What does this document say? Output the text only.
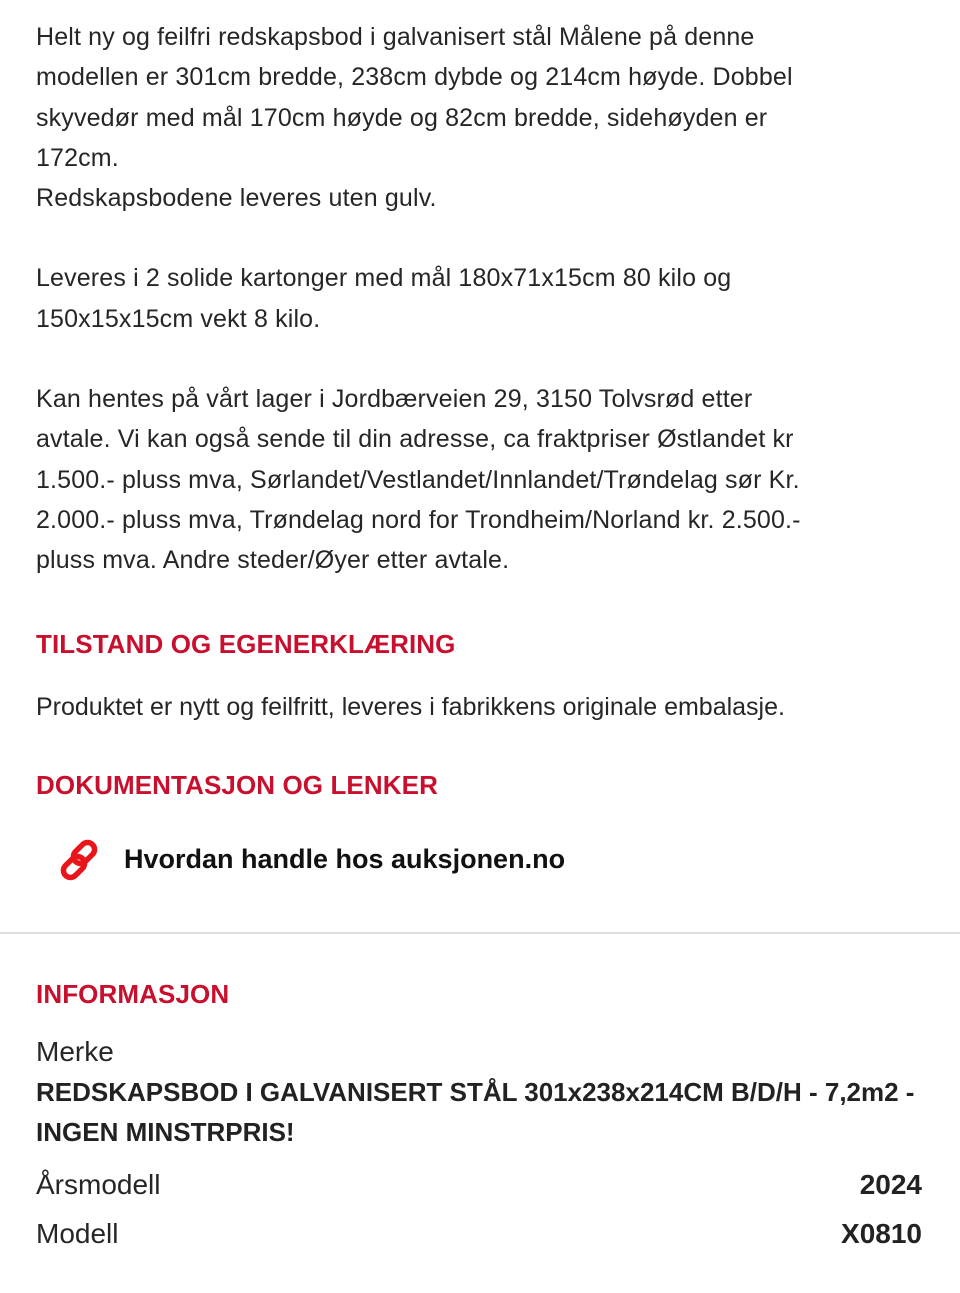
Helt ny og feilfri redskapsbod i galvanisert stål Målene på denne
modellen er 301cm bredde, 238cm dybde og 214cm høyde. Dobbel
skyvedør med mål 170cm høyde og 82cm bredde, sidehøyden er
172cm.
Redskapsbodene leveres uten gulv.

Leveres i 2 solide kartonger med mål 180x71x15cm 80 kilo og
150x15x15cm vekt 8 kilo.

Kan hentes på vårt lager i Jordbærveien 29, 3150 Tolvsrød etter
avtale. Vi kan også sende til din adresse, ca fraktpriser Østlandet kr
1.500.- pluss mva, Sørlandet/Vestlandet/Innlandet/Trøndelag sør Kr.
2.000.- pluss mva, Trøndelag nord for Trondheim/Norland kr. 2.500.-
pluss mva. Andre steder/Øyer etter avtale.

TILSTAND OG EGENERKLÆRING
Produktet er nytt og feilfritt, leveres i fabrikkens originale embalasje.
DOKUMENTASJON OG LENKER
Hvordan handle hos auksjonen.no
INFORMASJON
Merke
REDSKAPSBOD I GALVANISERT STÅL 301x238x214CM B/D/H - 7,2m2 - INGEN MINSTRPRIS!
Årsmodell	2024
Modell	X0810
